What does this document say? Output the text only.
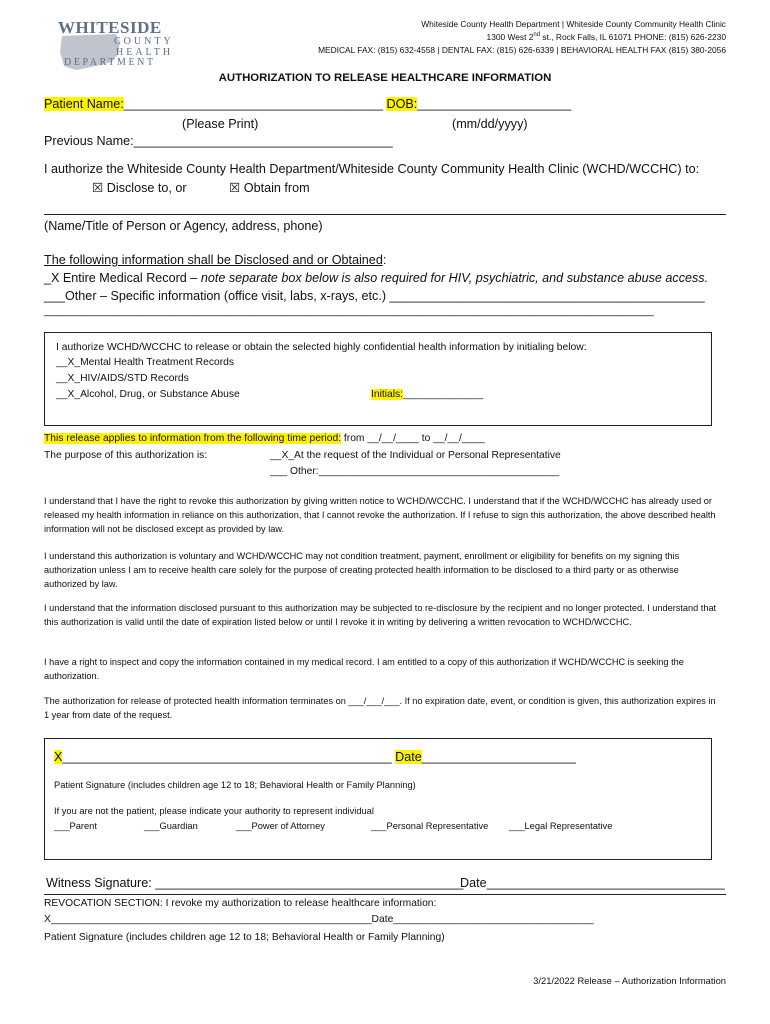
WHITESIDE
COUNTY
HEALTH
DEPARTMENT
Whiteside County Health Department | Whiteside County Community Health Clinic
1300 West 2nd st., Rock Falls, IL 61071 PHONE: (815) 626-2230
MEDICAL FAX: (815) 632-4558 | DENTAL FAX: (815) 626-6339 | BEHAVIORAL HEALTH FAX (815) 380-2056
AUTHORIZATION TO RELEASE HEALTHCARE INFORMATION
Patient Name:_____________________________________ DOB:______________________
(Please Print)	(mm/dd/yyyy)
Previous Name:_____________________________________
I authorize the Whiteside County Health Department/Whiteside County Community Health Clinic (WCHD/WCCHC) to:
☒ Disclose to, or	☒ Obtain from
(Name/Title of Person or Agency, address, phone)
The following information shall be Disclosed and or Obtained:
_X Entire Medical Record – note separate box below is also required for HIV, psychiatric, and substance abuse access.
___Other – Specific information (office visit, labs, x-rays, etc.) _____________________________________________
__________________________________________________________________________________________________
I authorize WCHD/WCCHC to release or obtain the selected highly confidential health information by initialing below:
__X_Mental Health Treatment Records
__X_HIV/AIDS/STD Records
__X_Alcohol, Drug, or Substance Abuse	Initials:______________
This release applies to information from the following time period: from __/__/____ to __/__/____
The purpose of this authorization is:	__X_At the request of the Individual or Personal Representative
___ Other:__________________________________________
I understand that I have the right to revoke this authorization by giving written notice to WCHD/WCCHC. I understand that if the WCHD/WCCHC has already used or released my health information in reliance on this authorization, that I cannot revoke the authorization. If I refuse to sign this authorization, the above described health information will not be disclosed except as provided by law.
I understand this authorization is voluntary and WCHD/WCCHC may not condition treatment, payment, enrollment or eligibility for benefits on my signing this authorization unless I am to receive health care solely for the purpose of creating protected health information to be disclosed to a third party or as otherwise authorized by law.
I understand that the information disclosed pursuant to this authorization may be subjected to re-disclosure by the recipient and no longer protected. I understand that this authorization is valid until the date of expiration listed below or until I revoke it in writing by delivering a written revocation to WCHD/WCCHC.
I have a right to inspect and copy the information contained in my medical record. I am entitled to a copy of this authorization if WCHD/WCCHC is seeking the authorization.
The authorization for release of protected health information terminates on ___/___/___. If no expiration date, event, or condition is given, this authorization expires in 1 year from date of the request.
X_______________________________________________ Date______________________
Patient Signature (includes children age 12 to 18; Behavioral Health or Family Planning)
If you are not the patient, please indicate your authority to represent individual
___Parent	___Guardian	___Power of Attorney	___Personal Representative ___Legal Representative
Witness Signature: ____________________________________________
Date__________________________________
REVOCATION SECTION: I revoke my authorization to release healthcare information:
X________________________________________________________Date___________________________________
Patient Signature (includes children age 12 to 18; Behavioral Health or Family Planning)
3/21/2022 Release – Authorization Information
